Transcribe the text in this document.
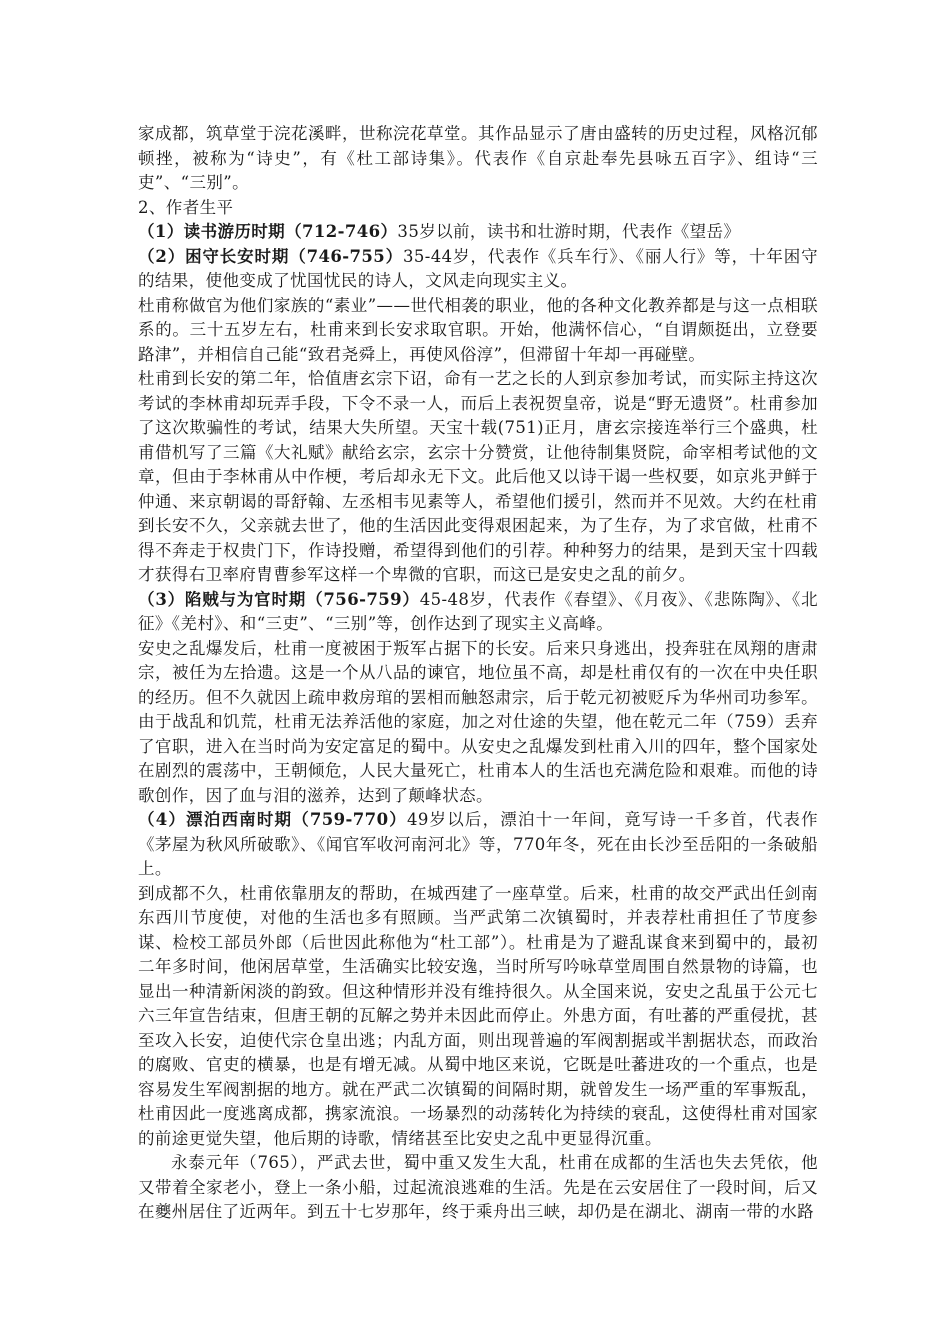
家成都，筑草堂于浣花溪畔，世称浣花草堂。其作品显示了唐由盛转的历史过程，风格沉郁顿挫，被称为“诗史”，有《杜工部诗集》。代表作《自京赴奉先县咏五百字》、组诗“三吏”、“三别”。

2、作者生平

（1）读书游历时期（712-746）35岁以前，读书和壮游时期，代表作《望岳》

（2）困守长安时期（746-755）35-44岁，代表作《兵车行》、《丽人行》等，十年困守的结果，使他变成了忧国忧民的诗人，文风走向现实主义。

杜甫称做官为他们家族的“素业”——世代相袭的职业，他的各种文化教养都是与这一点相联系的。三十五岁左右，杜甫来到长安求取官职。开始，他满怀信心，“自谓颇挺出，立登要路津”，并相信自己能“致君尧舜上，再使风俗淳”，但滞留十年却一再碰壁。

杜甫到长安的第二年，恰值唐玄宗下诏，命有一艺之长的人到京参加考试，而实际主持这次考试的李林甫却玩弄手段，下令不录一人，而后上表祝贺皇帝，说是“野无遗贤”。杜甫参加了这次欺骗性的考试，结果大失所望。天宝十载(751)正月，唐玄宗接连举行三个盛典，杜甫借机写了三篇《大礼赋》献给玄宗，玄宗十分赞赏，让他待制集贤院，命宰相考试他的文章，但由于李林甫从中作梗，考后却永无下文。此后他又以诗干谒一些权要，如京兆尹鲜于仲通、来京朝谒的哥舒翰、左丞相韦见素等人，希望他们援引，然而并不见效。大约在杜甫到长安不久，父亲就去世了，他的生活因此变得艰困起来，为了生存，为了求官做，杜甫不得不奔走于权贵门下，作诗投赠，希望得到他们的引荐。种种努力的结果，是到天宝十四载才获得右卫率府胄曹参军这样一个卑微的官职，而这已是安史之乱的前夕。

（3）陷贼与为官时期（756-759）45-48岁，代表作《春望》、《月夜》、《悲陈陶》、《北征》《羌村》、和“三吏”、“三别”等，创作达到了现实主义高峰。

安史之乱爆发后，杜甫一度被困于叛军占据下的长安。后来只身逃出，投奔驻在凤翔的唐肃宗，被任为左拾遗。这是一个从八品的谏官，地位虽不高，却是杜甫仅有的一次在中央任职的经历。但不久就因上疏申救房琯的罢相而触怒肃宗，后于乾元初被贬斥为华州司功参军。由于战乱和饥荒，杜甫无法养活他的家庭，加之对仕途的失望，他在乾元二年（759）丢弃了官职，进入在当时尚为安定富足的蜀中。从安史之乱爆发到杜甫入川的四年，整个国家处在剧烈的震荡中，王朝倾危，人民大量死亡，杜甫本人的生活也充满危险和艰难。而他的诗歌创作，因了血与泪的滋养，达到了颠峰状态。

（4）漂泊西南时期（759-770）49岁以后，漂泊十一年间，竟写诗一千多首，代表作《茅屋为秋风所破歌》、《闻官军收河南河北》等，770年冬，死在由长沙至岳阳的一条破船上。

到成都不久，杜甫依靠朋友的帮助，在城西建了一座草堂。后来，杜甫的故交严武出任剑南东西川节度使，对他的生活也多有照顾。当严武第二次镇蜀时，并表荐杜甫担任了节度参谋、检校工部员外郎（后世因此称他为“杜工部”）。杜甫是为了避乱谋食来到蜀中的，最初二年多时间，他闲居草堂，生活确实比较安逸，当时所写吟咏草堂周围自然景物的诗篇，也显出一种清新闲淡的韵致。但这种情形并没有维持很久。从全国来说，安史之乱虽于公元七六三年宣告结束，但唐王朝的瓦解之势并未因此而停止。外患方面，有吐蕃的严重侵扰，甚至攻入长安，迫使代宗仓皇出逃；内乱方面，则出现普遍的军阀割据或半割据状态，而政治的腐败、官吏的横暴，也是有增无减。从蜀中地区来说，它既是吐蕃进攻的一个重点，也是容易发生军阀割据的地方。就在严武二次镇蜀的间隔时期，就曾发生一场严重的军事叛乱，杜甫因此一度逃离成都，携家流浪。一场暴烈的动荡转化为持续的衰乱，这使得杜甫对国家的前途更觉失望，他后期的诗歌，情绪甚至比安史之乱中更显得沉重。

永泰元年（765），严武去世，蜀中重又发生大乱，杜甫在成都的生活也失去凭依，他又带着全家老小，登上一条小船，过起流浪逃难的生活。先是在云安居住了一段时间，后又在夔州居住了近两年。到五十七岁那年，终于乘舟出三峡，却仍是在湖北、湖南一带的水路
